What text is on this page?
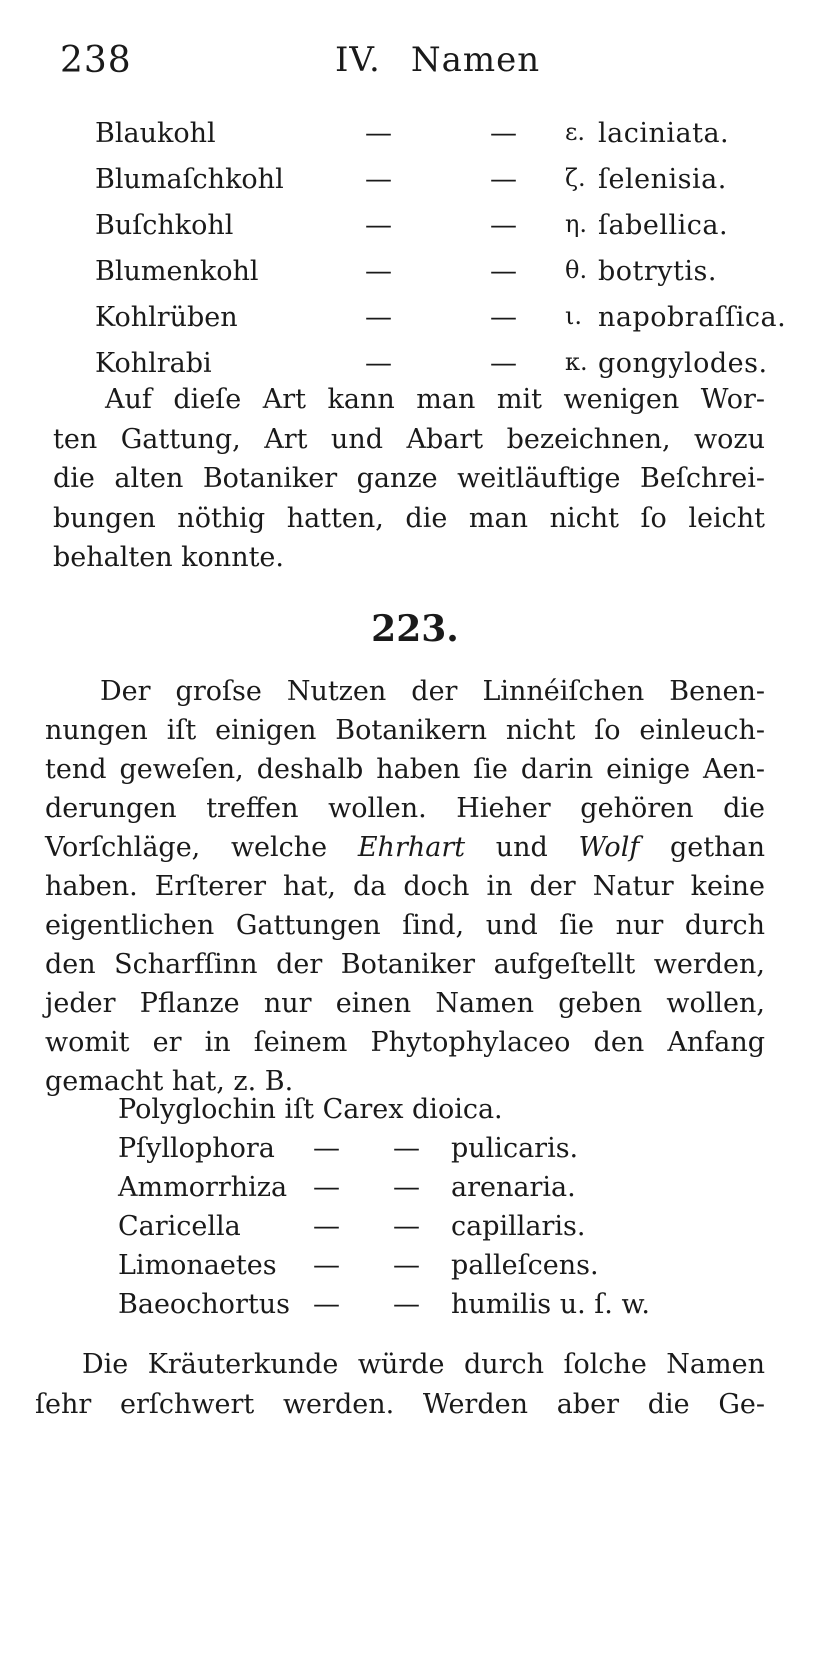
238	IV. Namen
Blaukohl	—	— ε. laciniata.
Blumaſchkohl	—	— ζ. ſelenisia.
Buſchkohl	—	— η. ſabellica.
Blumenkohl	—	— θ. botrytis.
Kohlrüben	—	— ι. napobraſſica.
Kohlrabi	—	— κ. gongylodes.
Auf dieſe Art kann man mit wenigen Wor-
ten Gattung, Art und Abart bezeichnen, wozu
die alten Botaniker ganze weitläuftige Beſchrei-
bungen nöthig hatten, die man nicht ſo leicht
behalten konnte.
223.
Der groſse Nutzen der Linnéiſchen Benen-
nungen iſt einigen Botanikern nicht ſo einleuch-
tend geweſen, deshalb haben ſie darin einige Aen-
derungen treffen wollen. Hieher gehören die
Vorſchläge, welche Ehrhart und Wolf gethan
haben. Erſterer hat, da doch in der Natur keine
eigentlichen Gattungen ſind, und ſie nur durch
den Scharfſinn der Botaniker aufgeſtellt werden,
jeder Pflanze nur einen Namen geben wollen,
womit er in ſeinem Phytophylaceo den Anfang
gemacht hat, z. B.
Polyglochin iſt Carex dioica.
Pſyllophora — — pulicaris.
Ammorrhiza — — arenaria.
Caricella	— — capillaris.
Limonaetes — — palleſcens.
Baeochortus — — humilis u. ſ. w.
Die Kräuterkunde würde durch ſolche Namen
ſehr erſchwert werden. Werden aber die Ge-
